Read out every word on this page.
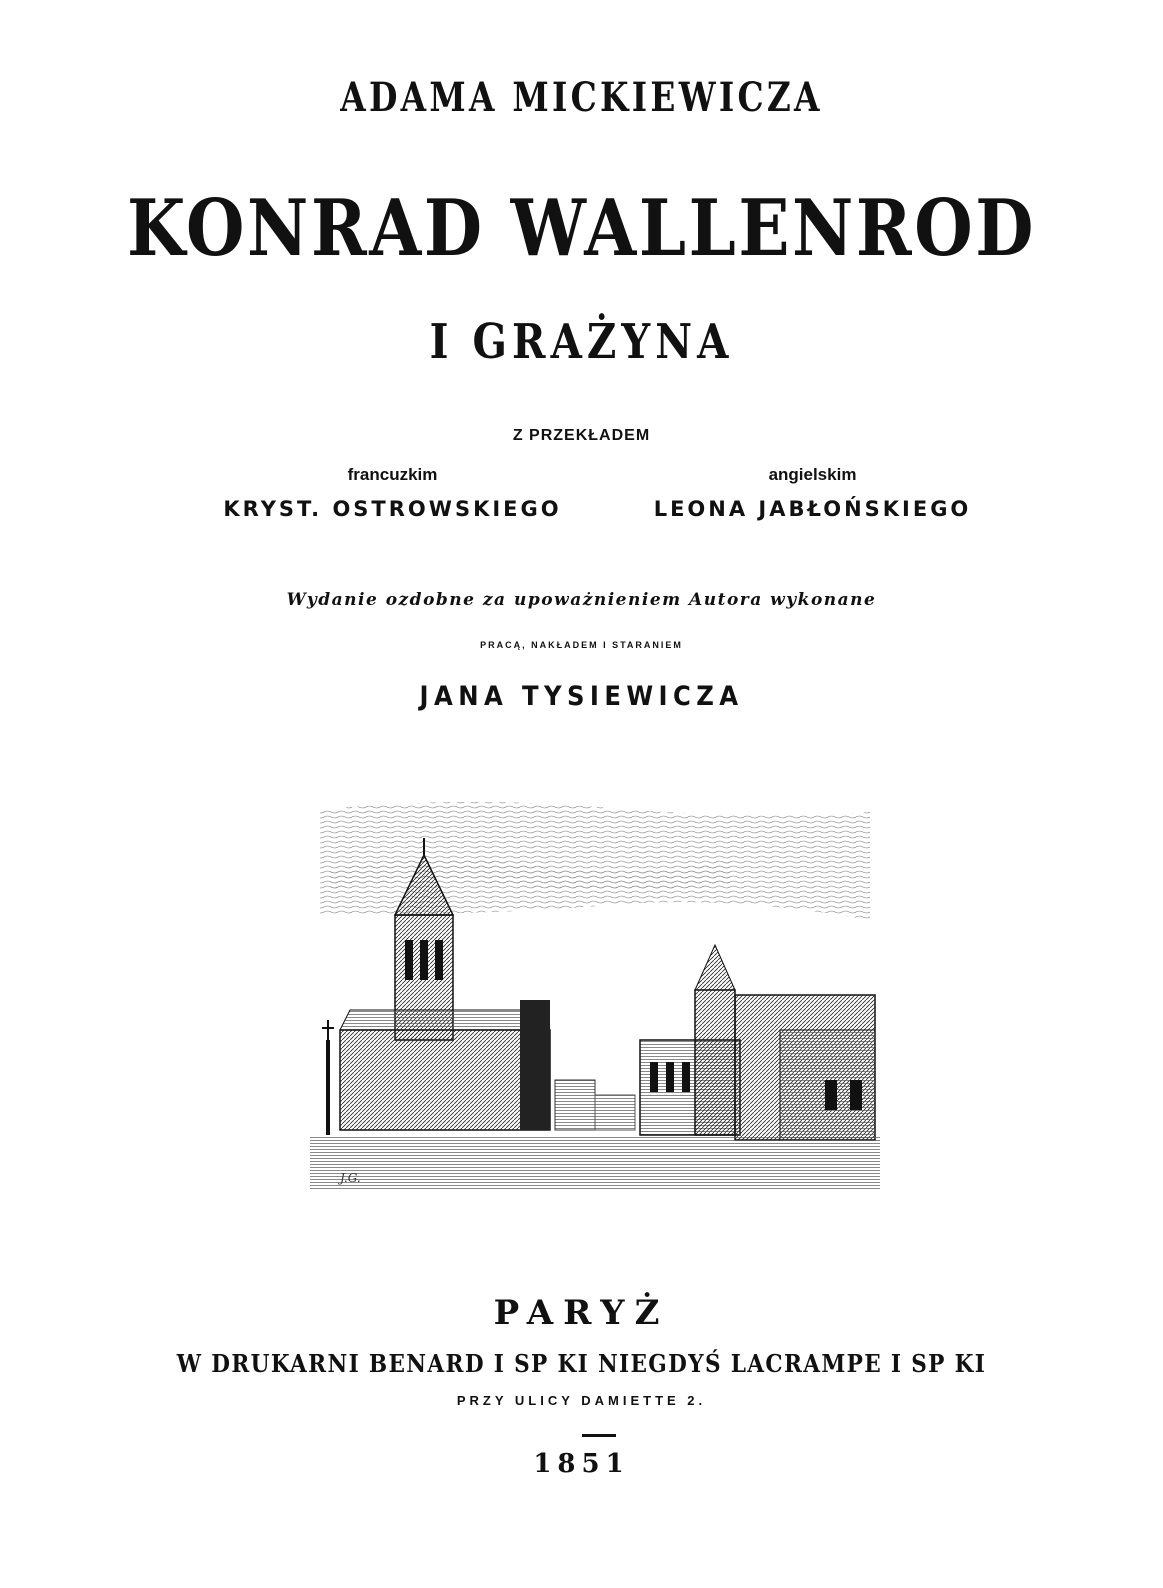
ADAMA MICKIEWICZA
KONRAD WALLENROD
I GRAŻYNA
Z PRZEKŁADEM
francuzkim
KRYST. OSTROWSKIEGO
angielskim
LEONA JABŁOŃSKIEGO
Wydanie ozdobne za upoważnieniem Autora wykonane
PRACĄ, NAKŁADEM I STARANIEM
JANA TYSIEWICZA
J.G.
PARYŻ
W DRUKARNI BENARD I SP KI NIEGDYŚ LACRAMPE I SP KI
PRZY ULICY DAMIETTE 2.
1851
